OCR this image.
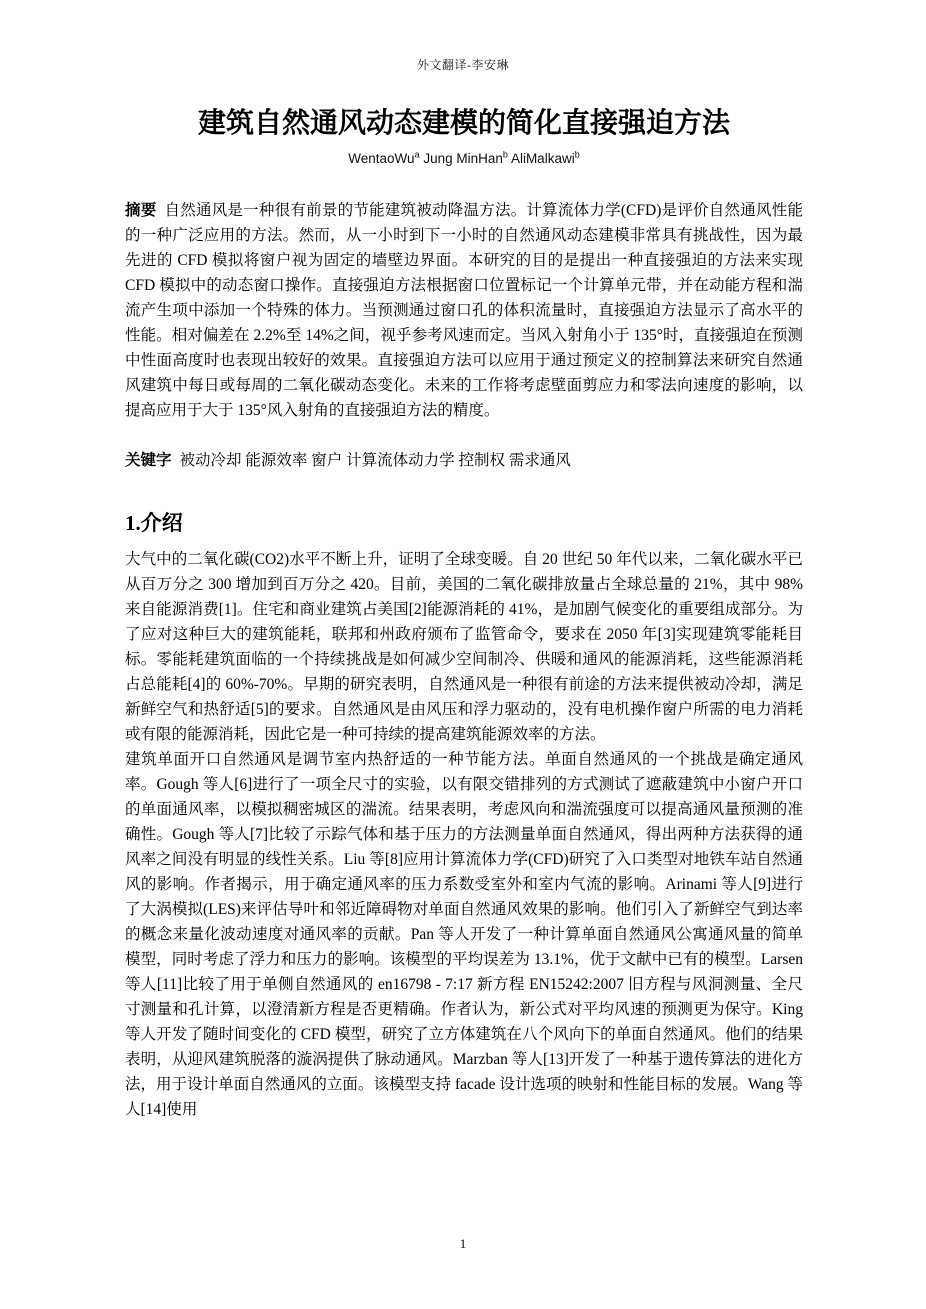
外文翻译-李安琳
建筑自然通风动态建模的简化直接强迫方法
WentaoWu$^a$ Jung MinHan$^b$ AliMalkawi$^b$

摘要 自然通风是一种很有前景的节能建筑被动降温方法。计算流体力学(CFD)是评价自然通风性能的一种广泛应用的方法。然而，从一小时到下一小时的自然通风动态建模非常具有挑战性，因为最先进的 CFD 模拟将窗户视为固定的墙壁边界面。本研究的目的是提出一种直接强迫的方法来实现 CFD 模拟中的动态窗口操作。直接强迫方法根据窗口位置标记一个计算单元带，并在动能方程和湍流产生项中添加一个特殊的体力。当预测通过窗口孔的体积流量时，直接强迫方法显示了高水平的性能。相对偏差在 2.2%至 14%之间，视乎参考风速而定。当风入射角小于 135°时，直接强迫在预测中性面高度时也表现出较好的效果。直接强迫方法可以应用于通过预定义的控制算法来研究自然通风建筑中每日或每周的二氧化碳动态变化。未来的工作将考虑壁面剪应力和零法向速度的影响，以提高应用于大于 135°风入射角的直接强迫方法的精度。

关键字 被动冷却 能源效率 窗户 计算流体动力学 控制权 需求通风

1.介绍

大气中的二氧化碳(CO2)水平不断上升，证明了全球变暖。自 20 世纪 50 年代以来，二氧化碳水平已从百万分之 300 增加到百万分之 420。目前，美国的二氧化碳排放量占全球总量的 21%，其中 98%来自能源消费[1]。住宅和商业建筑占美国[2]能源消耗的 41%，是加剧气候变化的重要组成部分。为了应对这种巨大的建筑能耗，联邦和州政府颁布了监管命令，要求在 2050 年[3]实现建筑零能耗目标。零能耗建筑面临的一个持续挑战是如何减少空间制冷、供暖和通风的能源消耗，这些能源消耗占总能耗[4]的 60%-70%。早期的研究表明，自然通风是一种很有前途的方法来提供被动冷却，满足新鲜空气和热舒适[5]的要求。自然通风是由风压和浮力驱动的，没有电机操作窗户所需的电力消耗或有限的能源消耗，因此它是一种可持续的提高建筑能源效率的方法。

建筑单面开口自然通风是调节室内热舒适的一种节能方法。单面自然通风的一个挑战是确定通风率。Gough 等人[6]进行了一项全尺寸的实验，以有限交错排列的方式测试了遮蔽建筑中小窗户开口的单面通风率，以模拟稠密城区的湍流。结果表明，考虑风向和湍流强度可以提高通风量预测的准确性。Gough 等人[7]比较了示踪气体和基于压力的方法测量单面自然通风，得出两种方法获得的通风率之间没有明显的线性关系。Liu 等[8]应用计算流体力学(CFD)研究了入口类型对地铁车站自然通风的影响。作者揭示，用于确定通风率的压力系数受室外和室内气流的影响。Arinami 等人[9]进行了大涡模拟(LES)来评估导叶和邻近障碍物对单面自然通风效果的影响。他们引入了新鲜空气到达率的概念来量化波动速度对通风率的贡献。Pan 等人开发了一种计算单面自然通风公寓通风量的简单模型，同时考虑了浮力和压力的影响。该模型的平均误差为 13.1%，优于文献中已有的模型。Larsen 等人[11]比较了用于单侧自然通风的 en16798 - 7:17 新方程 EN15242:2007 旧方程与风洞测量、全尺寸测量和孔计算，以澄清新方程是否更精确。作者认为，新公式对平均风速的预测更为保守。King 等人开发了随时间变化的 CFD 模型，研究了立方体建筑在八个风向下的单面自然通风。他们的结果表明，从迎风建筑脱落的漩涡提供了脉动通风。Marzban 等人[13]开发了一种基于遗传算法的进化方法，用于设计单面自然通风的立面。该模型支持 facade 设计选项的映射和性能目标的发展。Wang 等人[14]使用

1
